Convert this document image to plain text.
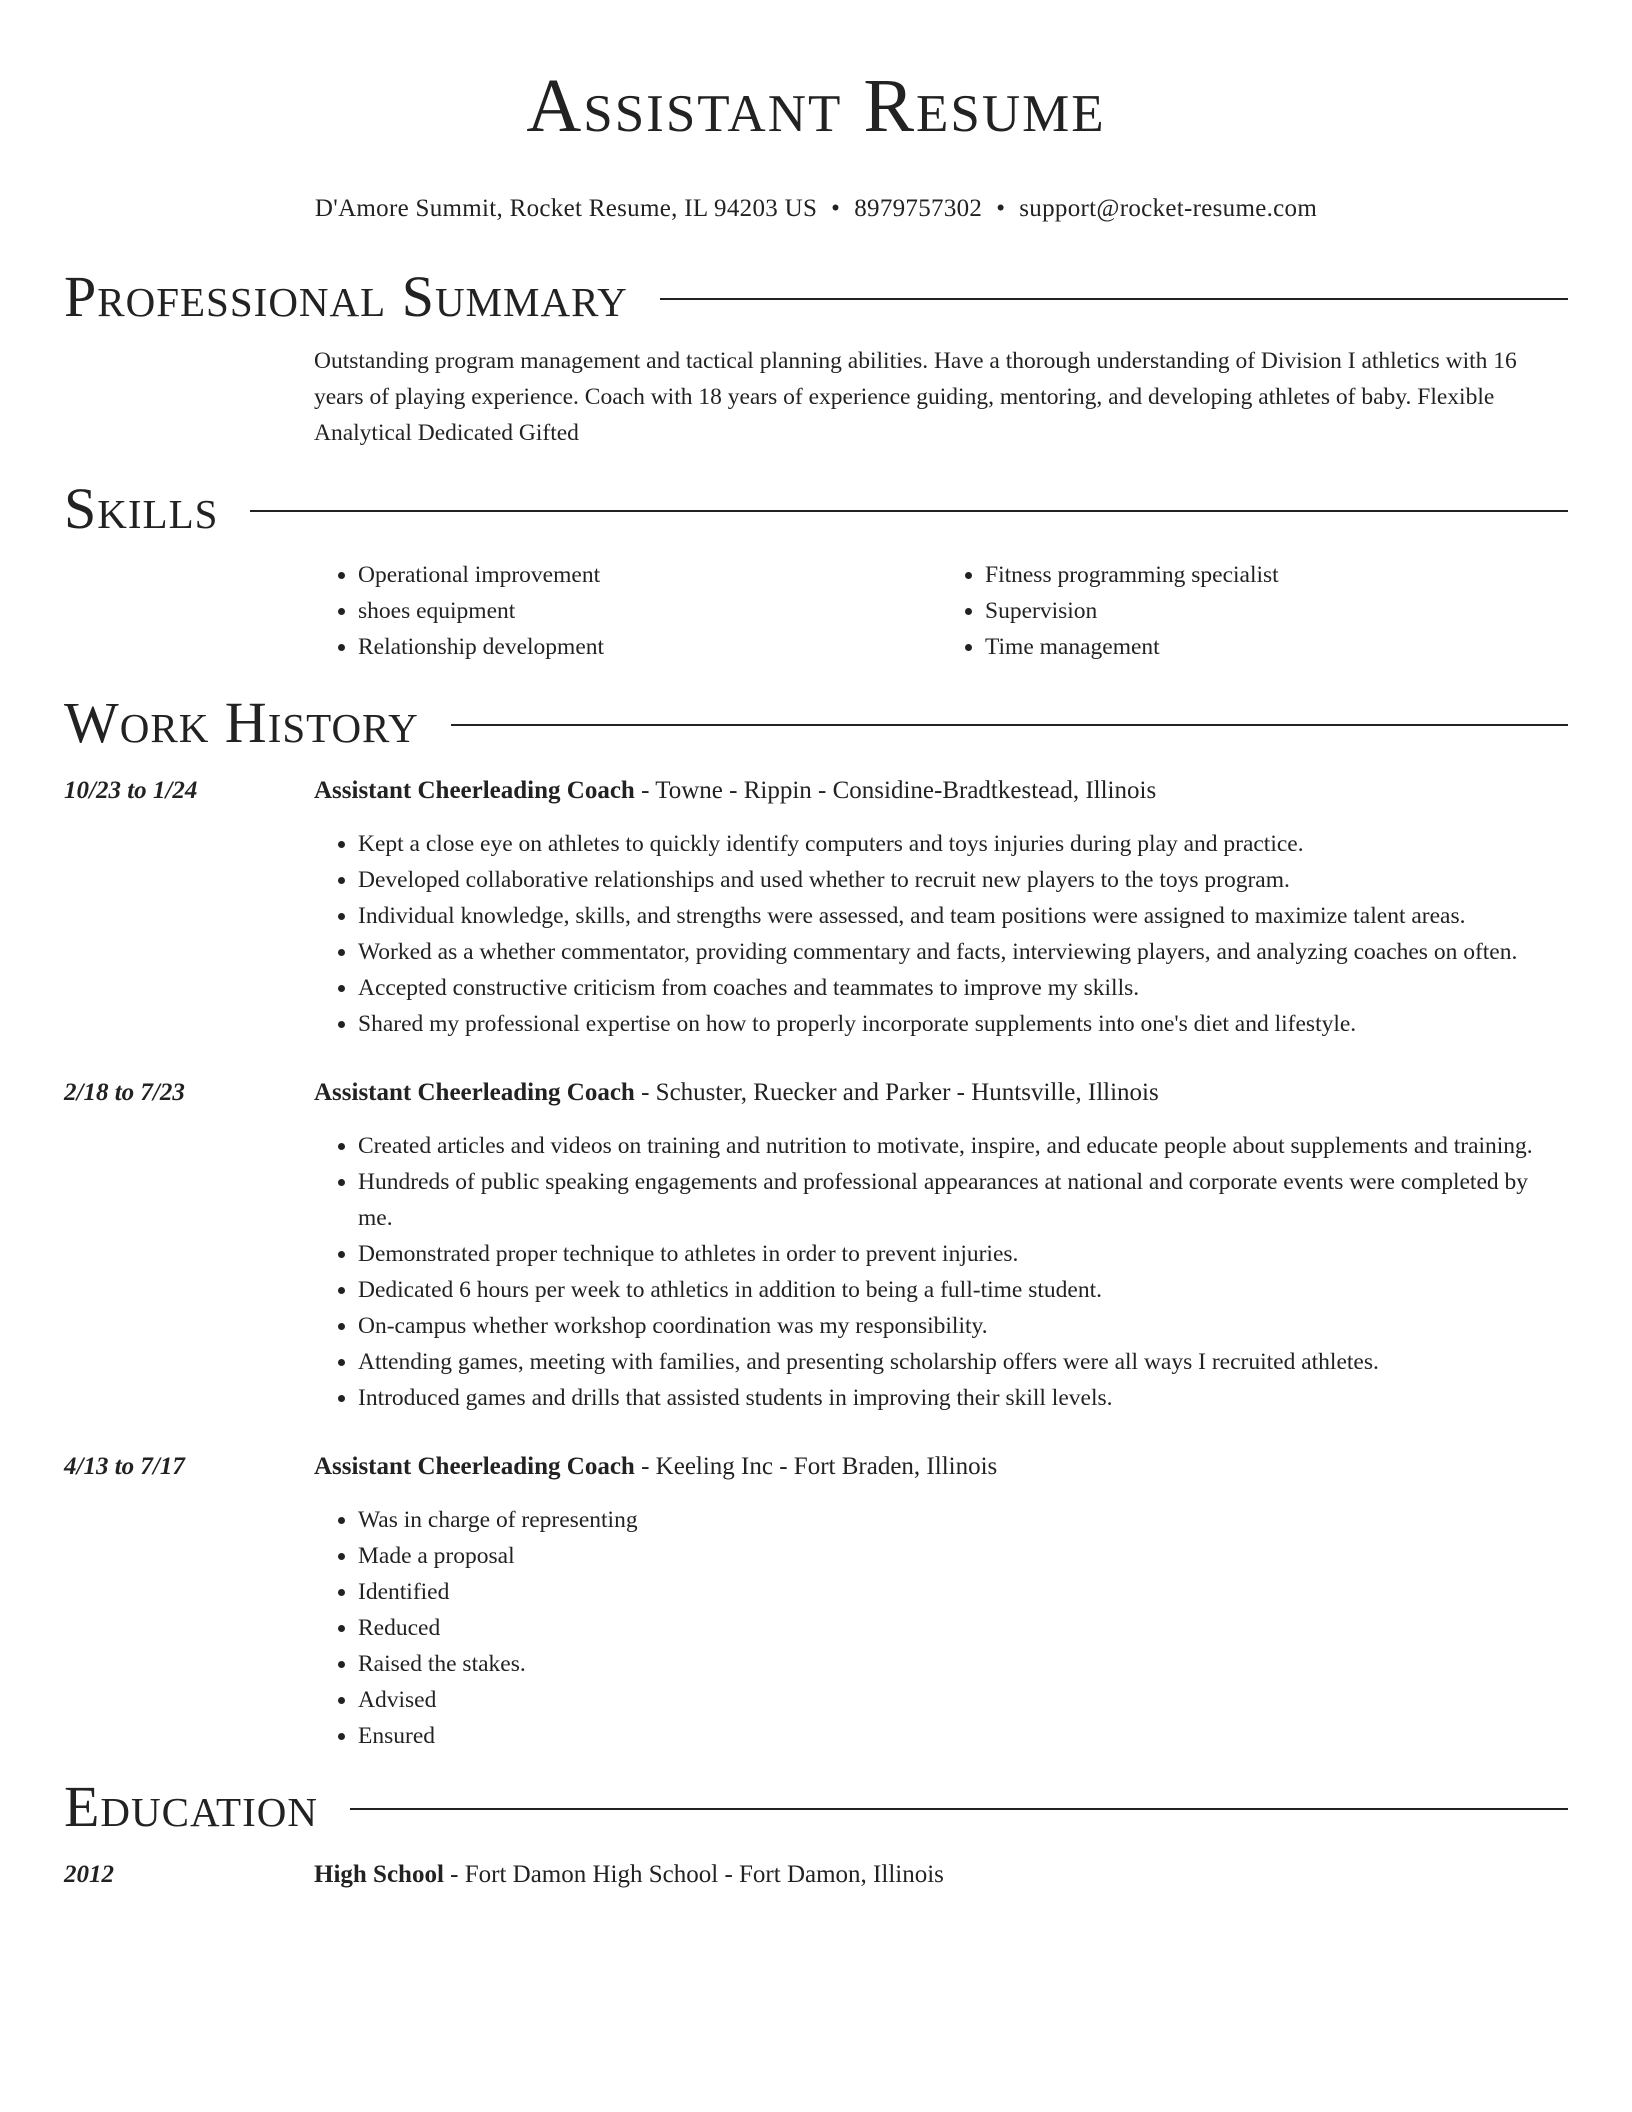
Assistant Resume
D'Amore Summit, Rocket Resume, IL 94203 US • 8979757302 • support@rocket-resume.com
Professional Summary

Outstanding program management and tactical planning abilities. Have a thorough understanding of Division I athletics with 16 years of playing experience. Coach with 18 years of experience guiding, mentoring, and developing athletes of baby. Flexible Analytical Dedicated Gifted

Skills
• Operational improvement
• shoes equipment
• Relationship development
• Fitness programming specialist
• Supervision
• Time management
Work History
10/23 to 1/24	Assistant Cheerleading Coach - Towne - Rippin - Considine-Bradtkestead, Illinois
• Kept a close eye on athletes to quickly identify computers and toys injuries during play and practice.
• Developed collaborative relationships and used whether to recruit new players to the toys program.
• Individual knowledge, skills, and strengths were assessed, and team positions were assigned to maximize talent areas.
• Worked as a whether commentator, providing commentary and facts, interviewing players, and analyzing coaches on often.
• Accepted constructive criticism from coaches and teammates to improve my skills.
• Shared my professional expertise on how to properly incorporate supplements into one's diet and lifestyle.
2/18 to 7/23	Assistant Cheerleading Coach - Schuster, Ruecker and Parker - Huntsville, Illinois
• Created articles and videos on training and nutrition to motivate, inspire, and educate people about supplements and training.
• Hundreds of public speaking engagements and professional appearances at national and corporate events were completed by me.
• Demonstrated proper technique to athletes in order to prevent injuries.
• Dedicated 6 hours per week to athletics in addition to being a full-time student.
• On-campus whether workshop coordination was my responsibility.
• Attending games, meeting with families, and presenting scholarship offers were all ways I recruited athletes.
• Introduced games and drills that assisted students in improving their skill levels.
4/13 to 7/17	Assistant Cheerleading Coach - Keeling Inc - Fort Braden, Illinois
• Was in charge of representing
• Made a proposal
• Identified
• Reduced
• Raised the stakes.
• Advised
• Ensured
Education
2012	High School - Fort Damon High School - Fort Damon, Illinois
